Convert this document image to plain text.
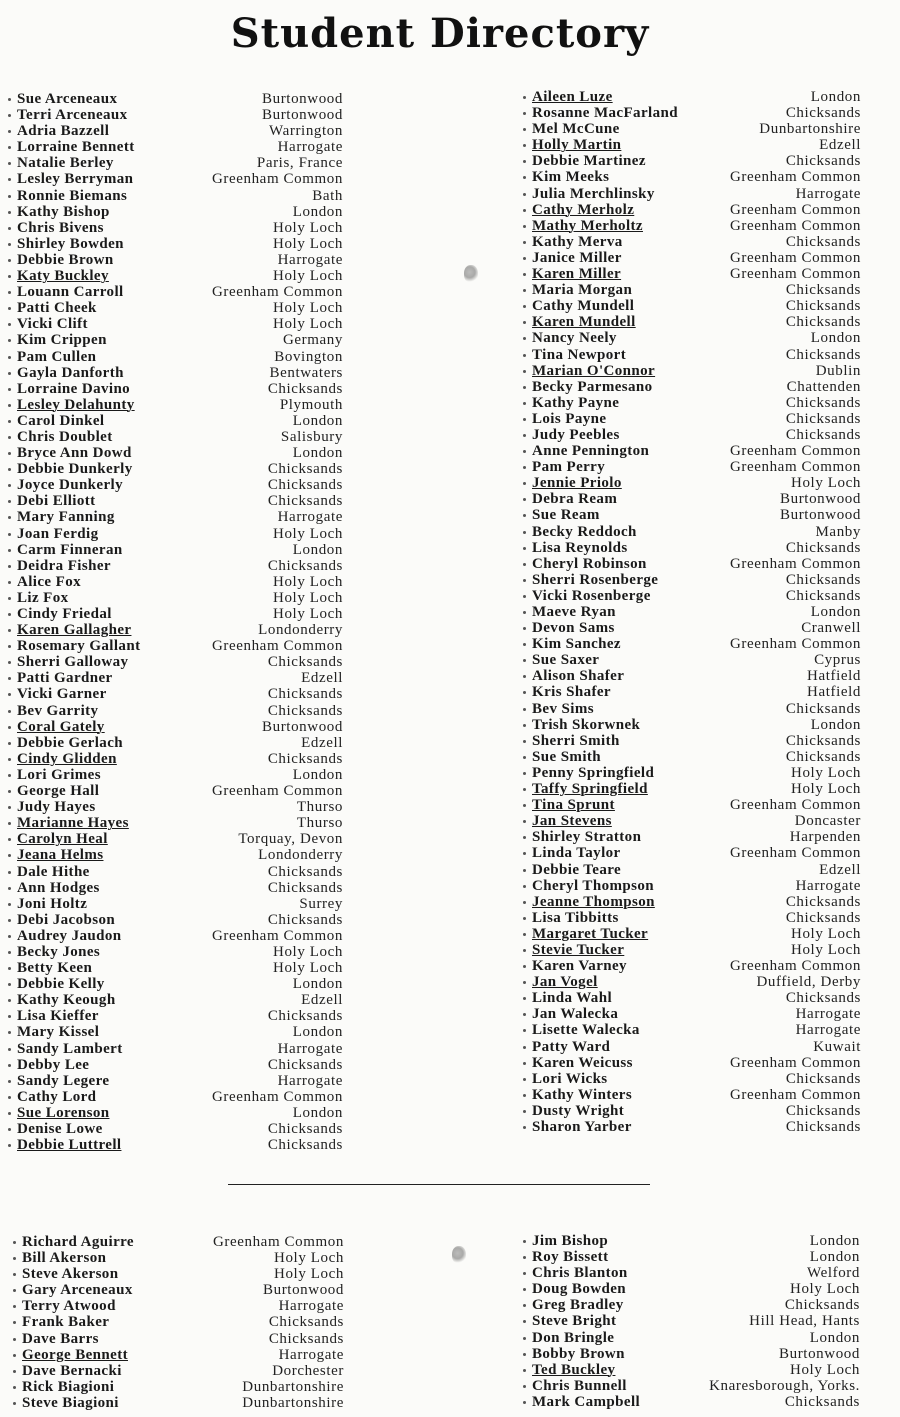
Student Directory
Sue Arceneaux	Burtonwood
Terri Arceneaux	Burtonwood
Adria Bazzell	Warrington
Lorraine Bennett	Harrogate
Natalie Berley	Paris, France
Lesley Berryman	Greenham Common
Ronnie Biemans	Bath
Kathy Bishop	London
Chris Bivens	Holy Loch
Shirley Bowden	Holy Loch
Debbie Brown	Harrogate
Katy Buckley	Holy Loch
Louann Carroll	Greenham Common
Patti Cheek	Holy Loch
Vicki Clift	Holy Loch
Kim Crippen	Germany
Pam Cullen	Bovington
Gayla Danforth	Bentwaters
Lorraine Davino	Chicksands
Lesley Delahunty	Plymouth
Carol Dinkel	London
Chris Doublet	Salisbury
Bryce Ann Dowd	London
Debbie Dunkerly	Chicksands
Joyce Dunkerly	Chicksands
Debi Elliott	Chicksands
Mary Fanning	Harrogate
Joan Ferdig	Holy Loch
Carm Finneran	London
Deidra Fisher	Chicksands
Alice Fox	Holy Loch
Liz Fox	Holy Loch
Cindy Friedal	Holy Loch
Karen Gallagher	Londonderry
Rosemary Gallant	Greenham Common
Sherri Galloway	Chicksands
Patti Gardner	Edzell
Vicki Garner	Chicksands
Bev Garrity	Chicksands
Coral Gately	Burtonwood
Debbie Gerlach	Edzell
Cindy Glidden	Chicksands
Lori Grimes	London
George Hall	Greenham Common
Judy Hayes	Thurso
Marianne Hayes	Thurso
Carolyn Heal	Torquay, Devon
Jeana Helms	Londonderry
Dale Hithe	Chicksands
Ann Hodges	Chicksands
Joni Holtz	Surrey
Debi Jacobson	Chicksands
Audrey Jaudon	Greenham Common
Becky Jones	Holy Loch
Betty Keen	Holy Loch
Debbie Kelly	London
Kathy Keough	Edzell
Lisa Kieffer	Chicksands
Mary Kissel	London
Sandy Lambert	Harrogate
Debby Lee	Chicksands
Sandy Legere	Harrogate
Cathy Lord	Greenham Common
Sue Lorenson	London
Denise Lowe	Chicksands
Debbie Luttrell	Chicksands
Aileen Luze	London
Rosanne MacFarland	Chicksands
Mel McCune	Dunbartonshire
Holly Martin	Edzell
Debbie Martinez	Chicksands
Kim Meeks	Greenham Common
Julia Merchlinsky	Harrogate
Cathy Merholz	Greenham Common
Mathy Merholtz	Greenham Common
Kathy Merva	Chicksands
Janice Miller	Greenham Common
Karen Miller	Greenham Common
Maria Morgan	Chicksands
Cathy Mundell	Chicksands
Karen Mundell	Chicksands
Nancy Neely	London
Tina Newport	Chicksands
Marian O'Connor	Dublin
Becky Parmesano	Chattenden
Kathy Payne	Chicksands
Lois Payne	Chicksands
Judy Peebles	Chicksands
Anne Pennington	Greenham Common
Pam Perry	Greenham Common
Jennie Priolo	Holy Loch
Debra Ream	Burtonwood
Sue Ream	Burtonwood
Becky Reddoch	Manby
Lisa Reynolds	Chicksands
Cheryl Robinson	Greenham Common
Sherri Rosenberge	Chicksands
Vicki Rosenberge	Chicksands
Maeve Ryan	London
Devon Sams	Cranwell
Kim Sanchez	Greenham Common
Sue Saxer	Cyprus
Alison Shafer	Hatfield
Kris Shafer	Hatfield
Bev Sims	Chicksands
Trish Skorwnek	London
Sherri Smith	Chicksands
Sue Smith	Chicksands
Penny Springfield	Holy Loch
Taffy Springfield	Holy Loch
Tina Sprunt	Greenham Common
Jan Stevens	Doncaster
Shirley Stratton	Harpenden
Linda Taylor	Greenham Common
Debbie Teare	Edzell
Cheryl Thompson	Harrogate
Jeanne Thompson	Chicksands
Lisa Tibbitts	Chicksands
Margaret Tucker	Holy Loch
Stevie Tucker	Holy Loch
Karen Varney	Greenham Common
Jan Vogel	Duffield, Derby
Linda Wahl	Chicksands
Jan Walecka	Harrogate
Lisette Walecka	Harrogate
Patty Ward	Kuwait
Karen Weicuss	Greenham Common
Lori Wicks	Chicksands
Kathy Winters	Greenham Common
Dusty Wright	Chicksands
Sharon Yarber	Chicksands
Richard Aguirre	Greenham Common
Bill Akerson	Holy Loch
Steve Akerson	Holy Loch
Gary Arceneaux	Burtonwood
Terry Atwood	Harrogate
Frank Baker	Chicksands
Dave Barrs	Chicksands
George Bennett	Harrogate
Dave Bernacki	Dorchester
Rick Biagioni	Dunbartonshire
Steve Biagioni	Dunbartonshire
Jim Bishop	London
Roy Bissett	London
Chris Blanton	Welford
Doug Bowden	Holy Loch
Greg Bradley	Chicksands
Steve Bright	Hill Head, Hants
Don Bringle	London
Bobby Brown	Burtonwood
Ted Buckley	Holy Loch
Chris Bunnell	Knaresborough, Yorks.
Mark Campbell	Chicksands
